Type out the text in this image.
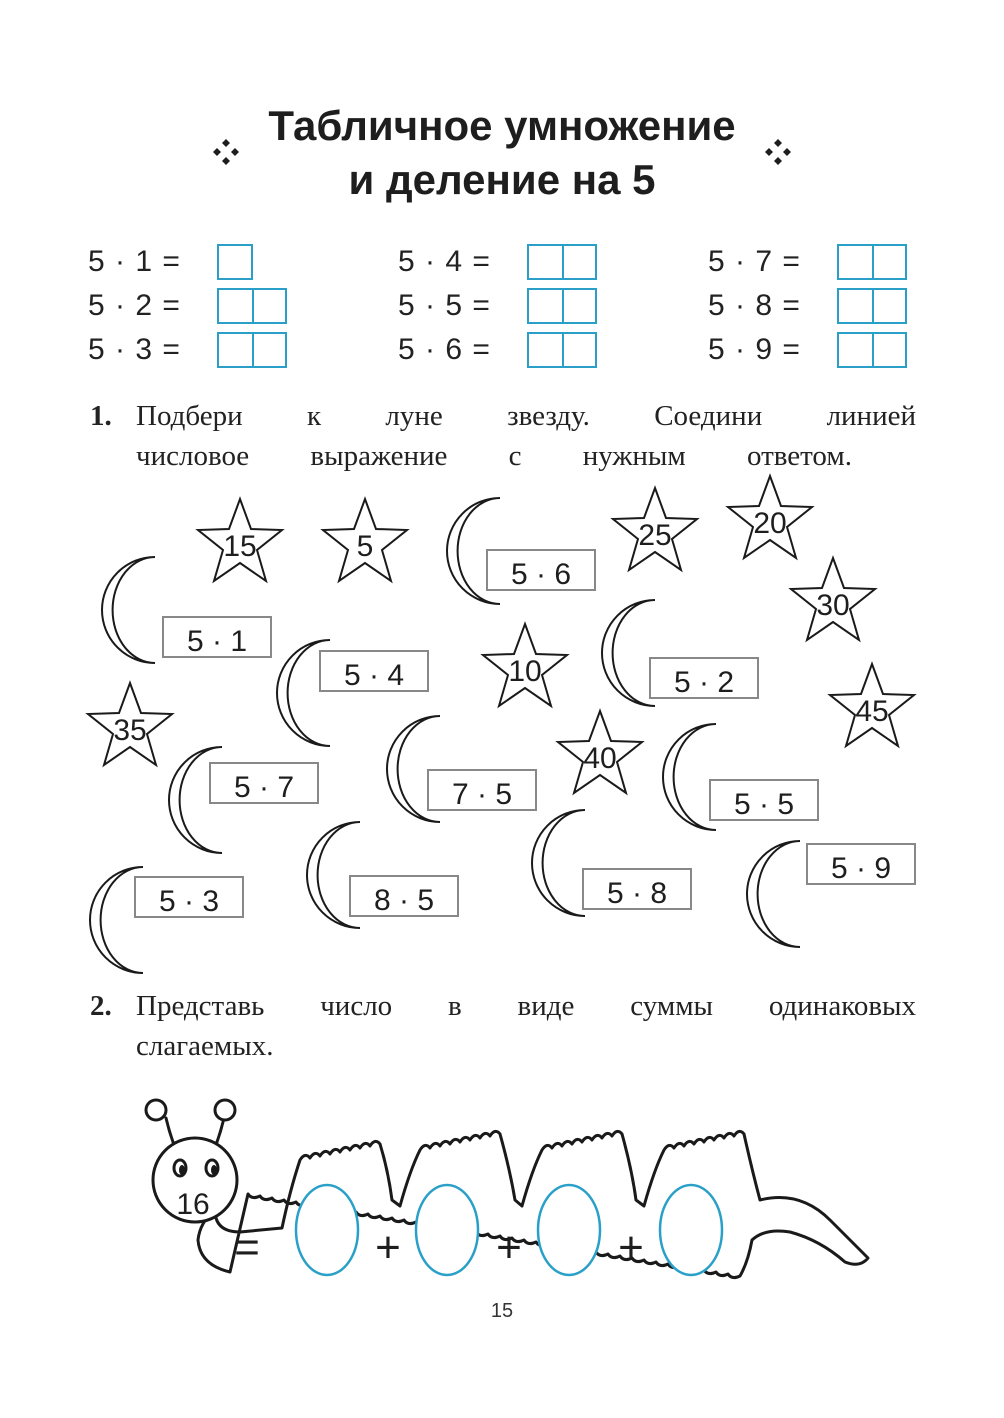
Табличное умножение
и деление на 5
5 · 1 =
5 · 2 =
5 · 3 =
5 · 4 =
5 · 5 =
5 · 6 =
5 · 7 =
5 · 8 =
5 · 9 =
1. Подбери к луне звезду. Соедини линией
числовое выражение с нужным ответом.
5 · 6
5 · 1
5 · 4	5 · 2
5 · 7	7 · 5	5 · 5
5 · 3	8 · 5	5 · 8
5 · 9
15	5	25	20
30
10
45
35
40
2. Представь число в виде суммы одинаковых
слагаемых.
16
=	+ + +
15
